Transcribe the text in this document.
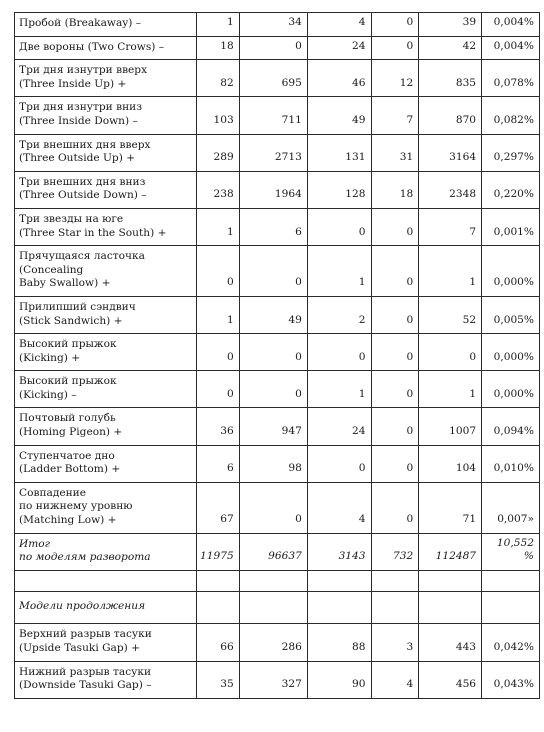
Пробой (Breakaway) –	1	34	4	0	39	0,004%

Две вороны (Two Crows) –	18	0	24	0	42	0,004%

Три дня изнутри вверх
(Three Inside Up) +	82	695	46	12	835	0,078%

Три дня изнутри вниз
(Three Inside Down) –	103	711	49	7	870	0,082%

Три внешних дня вверх
(Three Outside Up) +	289	2713	131	31	3164	0,297%

Три внешних дня вниз
(Three Outside Down) –	238	1964	128	18	2348	0,220%

Три звезды на юге
(Three Star in the South) +	1	6	0	0	7	0,001%

Прячущаяся ласточка
(Concealing
Baby Swallow) +	0	0	1	0	1	0,000%

Прилипший сэндвич
(Stick Sandwich) +	1	49	2	0	52	0,005%

Высокий прыжок
(Kicking) +	0	0	0	0	0	0,000%

Высокий прыжок
(Kicking) –	0	0	1	0	1	0,000%

Почтовый голубь
(Homing Pigeon) +	36	947	24	0	1007	0,094%

Ступенчатое дно
(Ladder Bottom) +	6	98	0	0	104	0,010%

Совпадение
по нижнему уровню
(Matching Low) +	67	0	4	0	71	0,007»

Итог
по моделям разворота	11975	96637	3143	732	112487	10,552 %

Модели продолжения						

Верхний разрыв тасуки
(Upside Tasuki Gap) +	66	286	88	3	443	0,042%

Нижний разрыв тасуки
(Downside Tasuki Gap) –	35	327	90	4	456	0,043%
